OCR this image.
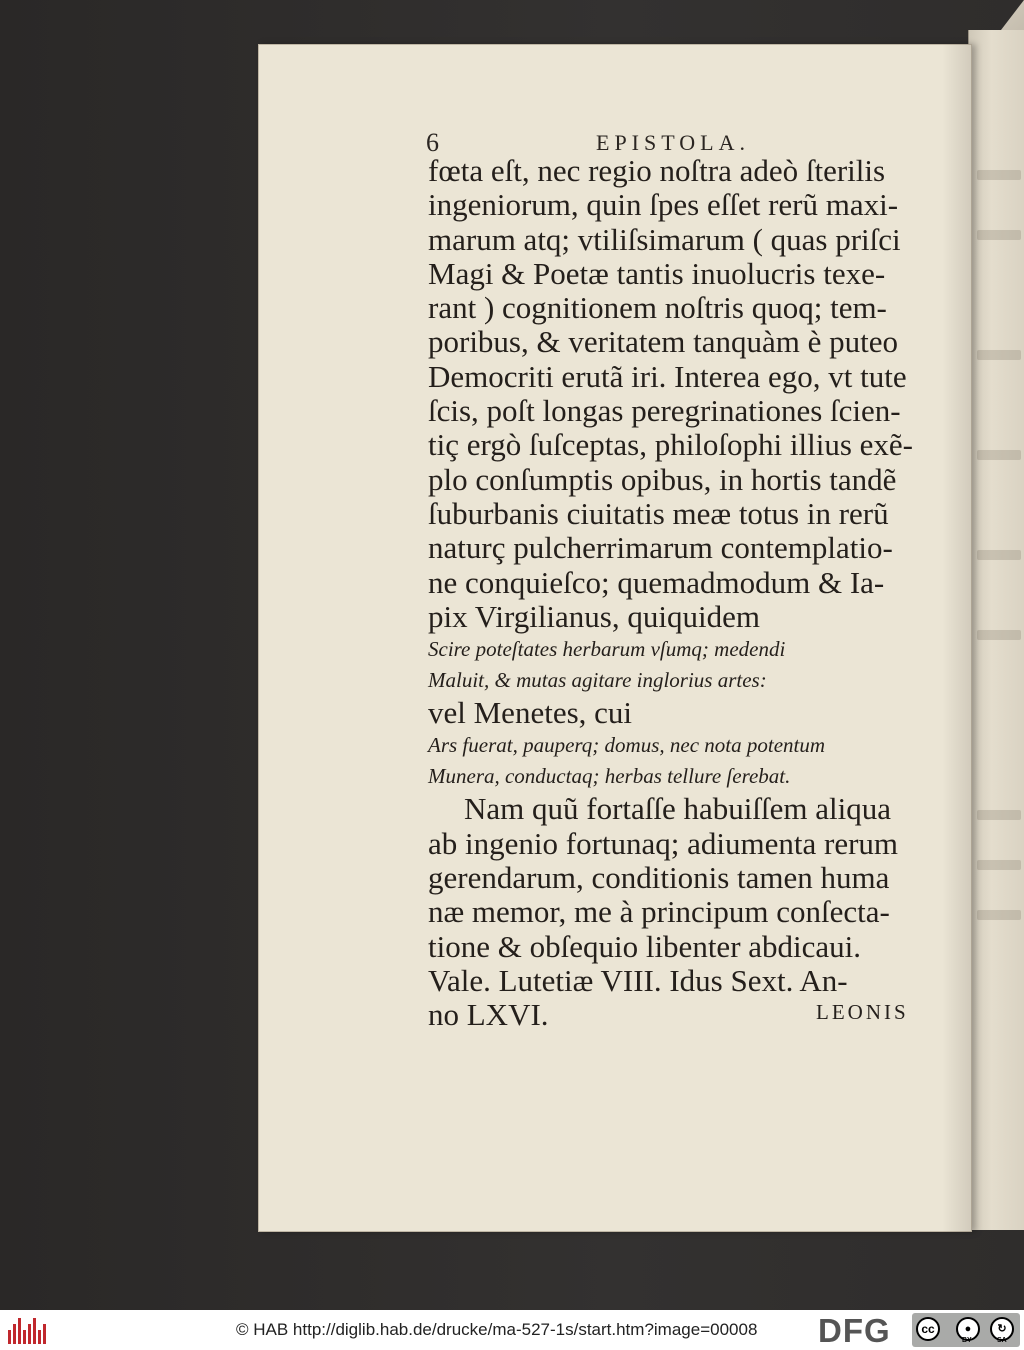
6	EPISTOLA.
fœta eſt, nec regio noſtra adeò ſterilis
ingeniorum, quin ſpes eſſet rerũ maxi-
marum atq; vtiliſsimarum ( quas priſci
Magi & Poetæ tantis inuolucris texe-
rant ) cognitionem noſtris quoq; tem-
poribus, & veritatem tanquàm è puteo
Democriti erutã iri. Interea ego, vt tute
ſcis, poſt longas peregrinationes ſcien-
tiç ergò ſuſceptas, philoſophi illius exẽ-
plo conſumptis opibus, in hortis tandẽ
ſuburbanis ciuitatis meæ totus in rerũ
naturç pulcherrimarum contemplatio-
ne conquieſco; quemadmodum & Ia-
pix Virgilianus, quiquidem
Scire poteſtates herbarum vſumq; medendi
Maluit, & mutas agitare inglorius artes:
vel Menetes, cui
Ars fuerat, pauperq; domus, nec nota potentum
Munera, conductaq; herbas tellure ſerebat.
Nam quũ fortaſſe habuiſſem aliqua
ab ingenio fortunaq; adiumenta rerum
gerendarum, conditionis tamen huma
næ memor, me à principum conſecta-
tione & obſequio libenter abdicaui.
Vale. Lutetiæ VIII. Idus Sext. An-
no LXVI.	LEONIS
© HAB http://diglib.hab.de/drucke/ma-527-1s/start.htm?image=00008 DFG	cc	●
BY
↻
SA
